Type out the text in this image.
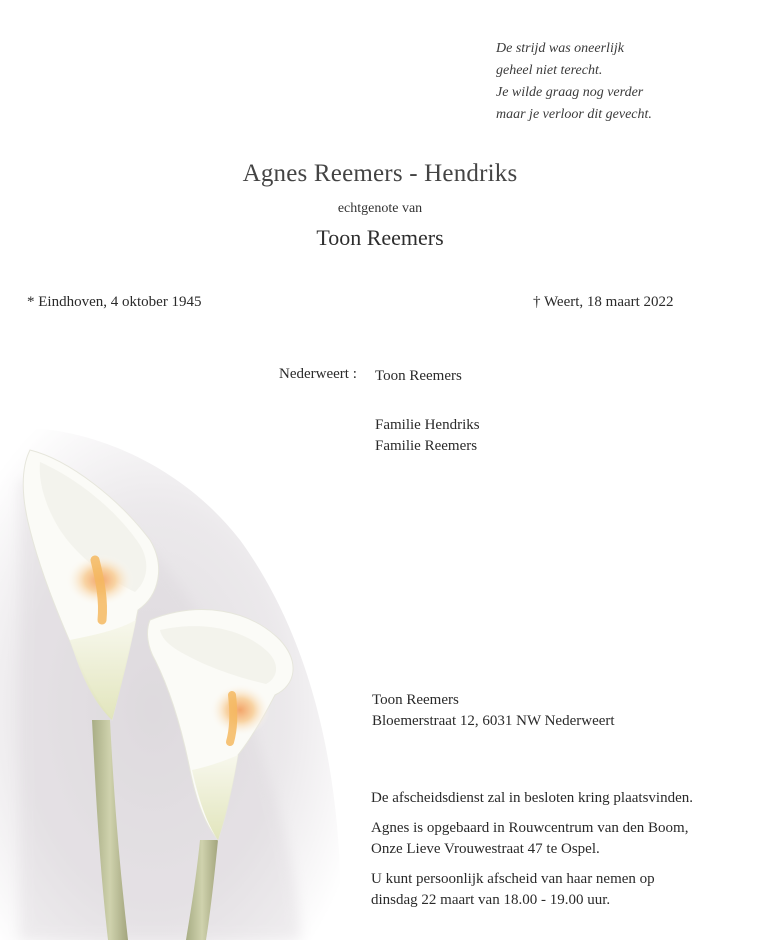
De strijd was oneerlijk
geheel niet terecht.
Je wilde graag nog verder
maar je verloor dit gevecht.
Agnes Reemers - Hendriks
echtgenote van
Toon Reemers
* Eindhoven, 4 oktober 1945	† Weert, 18 maart 2022
Nederweert : Toon Reemers
Familie Hendriks
Familie Reemers
Toon Reemers
Bloemerstraat 12, 6031 NW Nederweert

De afscheidsdienst zal in besloten kring plaatsvinden.

Agnes is opgebaard in Rouwcentrum van den Boom,
Onze Lieve Vrouwestraat 47 te Ospel.

U kunt persoonlijk afscheid van haar nemen op
dinsdag 22 maart van 18.00 - 19.00 uur.
